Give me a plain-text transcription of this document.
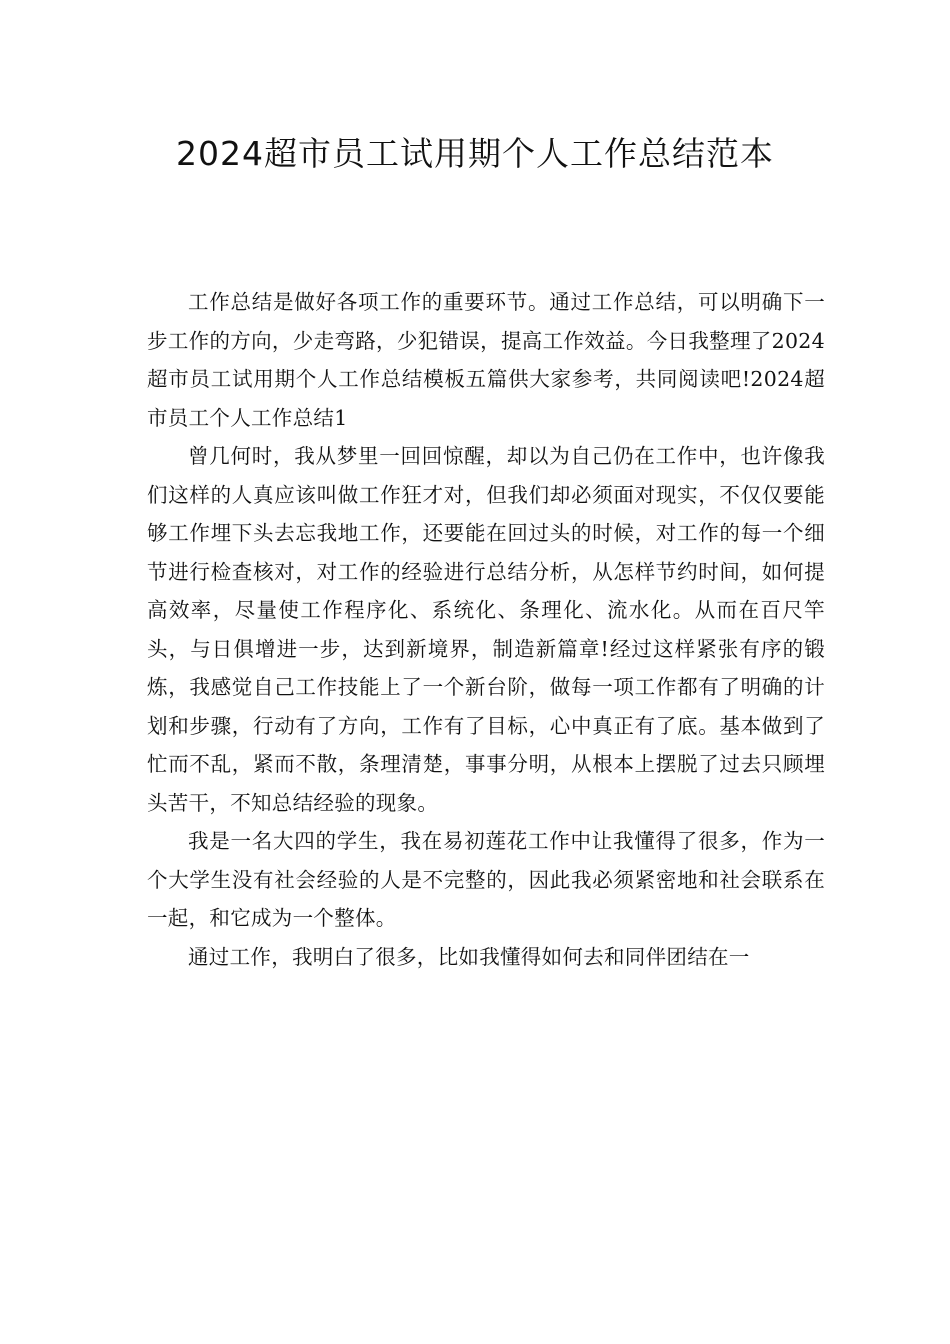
2024超市员工试用期个人工作总结范本

工作总结是做好各项工作的重要环节。通过工作总结，可以明确下一步工作的方向，少走弯路，少犯错误，提高工作效益。今日我整理了2024超市员工试用期个人工作总结模板五篇供大家参考，共同阅读吧!2024超市员工个人工作总结1

曾几何时，我从梦里一回回惊醒，却以为自己仍在工作中，也许像我们这样的人真应该叫做工作狂才对，但我们却必须面对现实，不仅仅要能够工作埋下头去忘我地工作，还要能在回过头的时候，对工作的每一个细节进行检查核对，对工作的经验进行总结分析，从怎样节约时间，如何提高效率，尽量使工作程序化、系统化、条理化、流水化。从而在百尺竿头，与日俱增进一步，达到新境界，制造新篇章!经过这样紧张有序的锻炼，我感觉自己工作技能上了一个新台阶，做每一项工作都有了明确的计划和步骤，行动有了方向，工作有了目标，心中真正有了底。基本做到了忙而不乱，紧而不散，条理清楚，事事分明，从根本上摆脱了过去只顾埋头苦干，不知总结经验的现象。

我是一名大四的学生，我在易初莲花工作中让我懂得了很多，作为一个大学生没有社会经验的人是不完整的，因此我必须紧密地和社会联系在一起，和它成为一个整体。

通过工作，我明白了很多，比如我懂得如何去和同伴团结在一
